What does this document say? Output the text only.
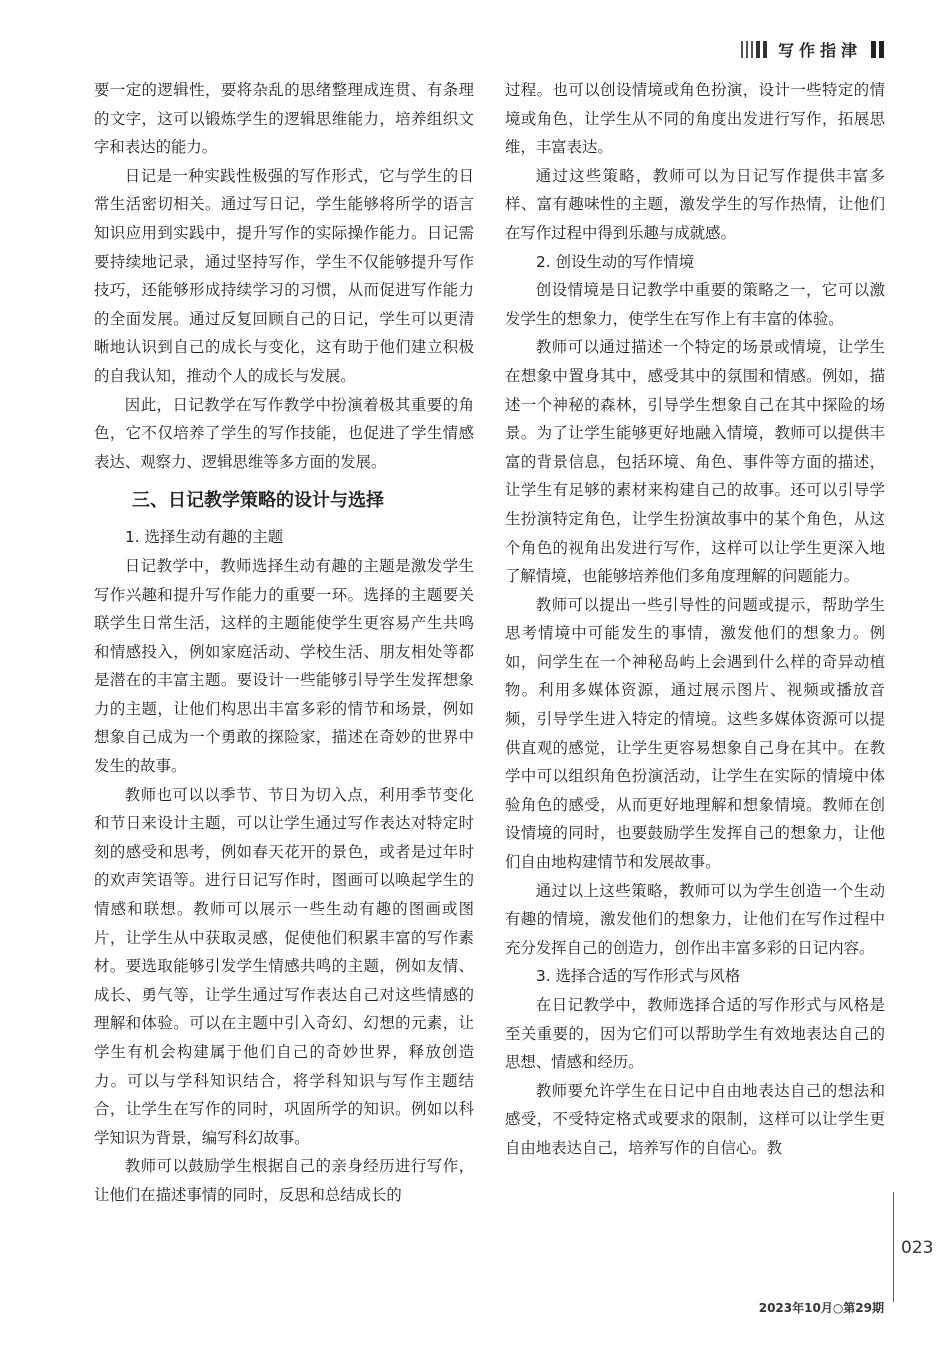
写作指津

要一定的逻辑性，要将杂乱的思绪整理成连贯、有条理的文字，这可以锻炼学生的逻辑思维能力，培养组织文字和表达的能力。

日记是一种实践性极强的写作形式，它与学生的日常生活密切相关。通过写日记，学生能够将所学的语言知识应用到实践中，提升写作的实际操作能力。日记需要持续地记录，通过坚持写作，学生不仅能够提升写作技巧，还能够形成持续学习的习惯，从而促进写作能力的全面发展。通过反复回顾自己的日记，学生可以更清晰地认识到自己的成长与变化，这有助于他们建立积极的自我认知，推动个人的成长与发展。

因此，日记教学在写作教学中扮演着极其重要的角色，它不仅培养了学生的写作技能，也促进了学生情感表达、观察力、逻辑思维等多方面的发展。

三、日记教学策略的设计与选择
1. 选择生动有趣的主题

日记教学中，教师选择生动有趣的主题是激发学生写作兴趣和提升写作能力的重要一环。选择的主题要关联学生日常生活，这样的主题能使学生更容易产生共鸣和情感投入，例如家庭活动、学校生活、朋友相处等都是潜在的丰富主题。要设计一些能够引导学生发挥想象力的主题，让他们构思出丰富多彩的情节和场景，例如想象自己成为一个勇敢的探险家，描述在奇妙的世界中发生的故事。

教师也可以以季节、节日为切入点，利用季节变化和节日来设计主题，可以让学生通过写作表达对特定时刻的感受和思考，例如春天花开的景色，或者是过年时的欢声笑语等。进行日记写作时，图画可以唤起学生的情感和联想。教师可以展示一些生动有趣的图画或图片，让学生从中获取灵感，促使他们积累丰富的写作素材。要选取能够引发学生情感共鸣的主题，例如友情、成长、勇气等，让学生通过写作表达自己对这些情感的理解和体验。可以在主题中引入奇幻、幻想的元素，让学生有机会构建属于他们自己的奇妙世界，释放创造力。可以与学科知识结合，将学科知识与写作主题结合，让学生在写作的同时，巩固所学的知识。例如以科学知识为背景，编写科幻故事。

教师可以鼓励学生根据自己的亲身经历进行写作，让他们在描述事情的同时，反思和总结成长的

过程。也可以创设情境或角色扮演，设计一些特定的情境或角色，让学生从不同的角度出发进行写作，拓展思维，丰富表达。

通过这些策略，教师可以为日记写作提供丰富多样、富有趣味性的主题，激发学生的写作热情，让他们在写作过程中得到乐趣与成就感。

2. 创设生动的写作情境

创设情境是日记教学中重要的策略之一，它可以激发学生的想象力，使学生在写作上有丰富的体验。

教师可以通过描述一个特定的场景或情境，让学生在想象中置身其中，感受其中的氛围和情感。例如，描述一个神秘的森林，引导学生想象自己在其中探险的场景。为了让学生能够更好地融入情境，教师可以提供丰富的背景信息，包括环境、角色、事件等方面的描述，让学生有足够的素材来构建自己的故事。还可以引导学生扮演特定角色，让学生扮演故事中的某个角色，从这个角色的视角出发进行写作，这样可以让学生更深入地了解情境，也能够培养他们多角度理解的问题能力。

教师可以提出一些引导性的问题或提示，帮助学生思考情境中可能发生的事情，激发他们的想象力。例如，问学生在一个神秘岛屿上会遇到什么样的奇异动植物。利用多媒体资源，通过展示图片、视频或播放音频，引导学生进入特定的情境。这些多媒体资源可以提供直观的感觉，让学生更容易想象自己身在其中。在教学中可以组织角色扮演活动，让学生在实际的情境中体验角色的感受，从而更好地理解和想象情境。教师在创设情境的同时，也要鼓励学生发挥自己的想象力，让他们自由地构建情节和发展故事。

通过以上这些策略，教师可以为学生创造一个生动有趣的情境，激发他们的想象力，让他们在写作过程中充分发挥自己的创造力，创作出丰富多彩的日记内容。

3. 选择合适的写作形式与风格

在日记教学中，教师选择合适的写作形式与风格是至关重要的，因为它们可以帮助学生有效地表达自己的思想、情感和经历。

教师要允许学生在日记中自由地表达自己的想法和感受，不受特定格式或要求的限制，这样可以让学生更自由地表达自己，培养写作的自信心。教

023
2023年10月○第29期
